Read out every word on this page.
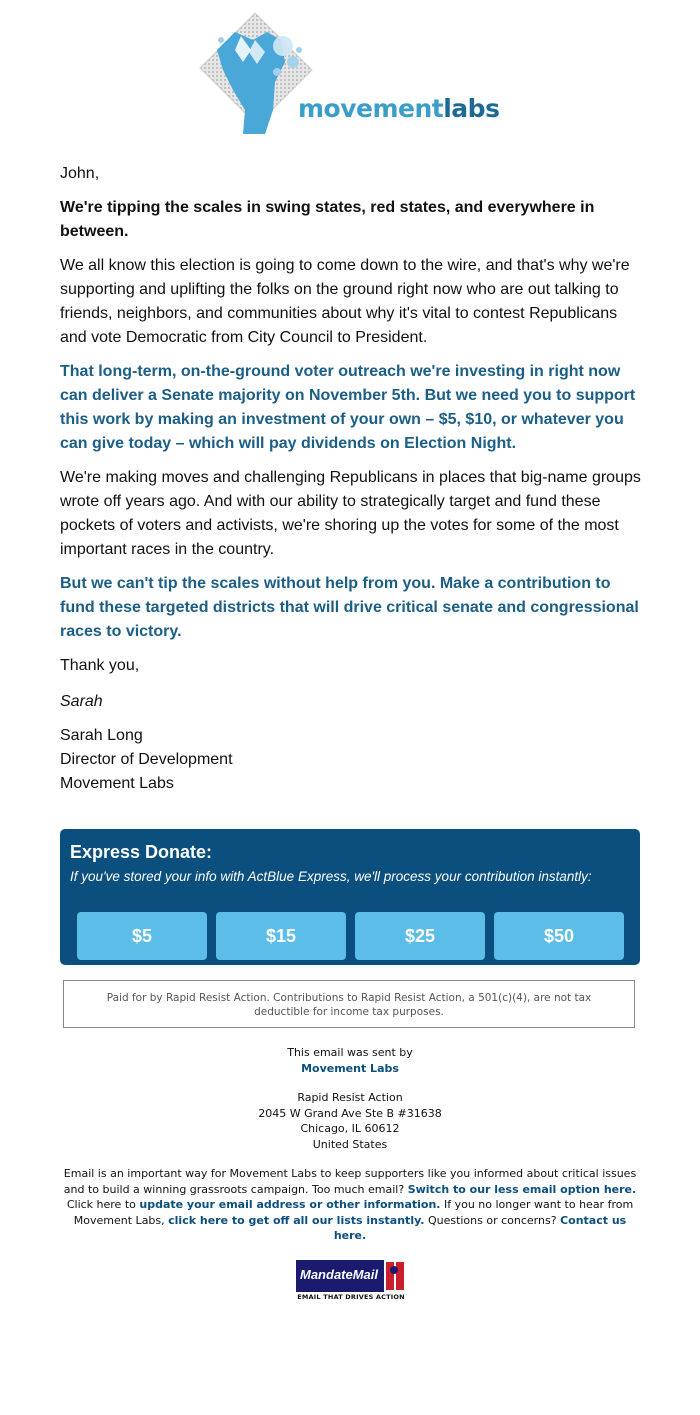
movementlabs

John,

We're tipping the scales in swing states, red states, and everywhere in between.

We all know this election is going to come down to the wire, and that's why we're supporting and uplifting the folks on the ground right now who are out talking to friends, neighbors, and communities about why it's vital to contest Republicans and vote Democratic from City Council to President.

That long-term, on-the-ground voter outreach we're investing in right now can deliver a Senate majority on November 5th. But we need you to support this work by making an investment of your own – $5, $10, or whatever you can give today – which will pay dividends on Election Night.

We're making moves and challenging Republicans in places that big-name groups wrote off years ago. And with our ability to strategically target and fund these pockets of voters and activists, we're shoring up the votes for some of the most important races in the country.

But we can't tip the scales without help from you. Make a contribution to fund these targeted districts that will drive critical senate and congressional races to victory.

Thank you,

Sarah

Sarah Long
Director of Development
Movement Labs
Express Donate:
If you've stored your info with ActBlue Express, we'll process your contribution instantly:
$5	$15	$25	$50
Paid for by Rapid Resist Action. Contributions to Rapid Resist Action, a 501(c)(4), are not tax deductible for income tax purposes.
This email was sent by
Movement Labs
Rapid Resist Action
2045 W Grand Ave Ste B #31638
Chicago, IL 60612
United States
Email is an important way for Movement Labs to keep supporters like you informed about critical issues and to build a winning grassroots campaign. Too much email? Switch to our less email option here. Click here to update your email address or other information. If you no longer want to hear from Movement Labs, click here to get off all our lists instantly. Questions or concerns? Contact us here.
MandateMail
EMAIL THAT DRIVES ACTION
